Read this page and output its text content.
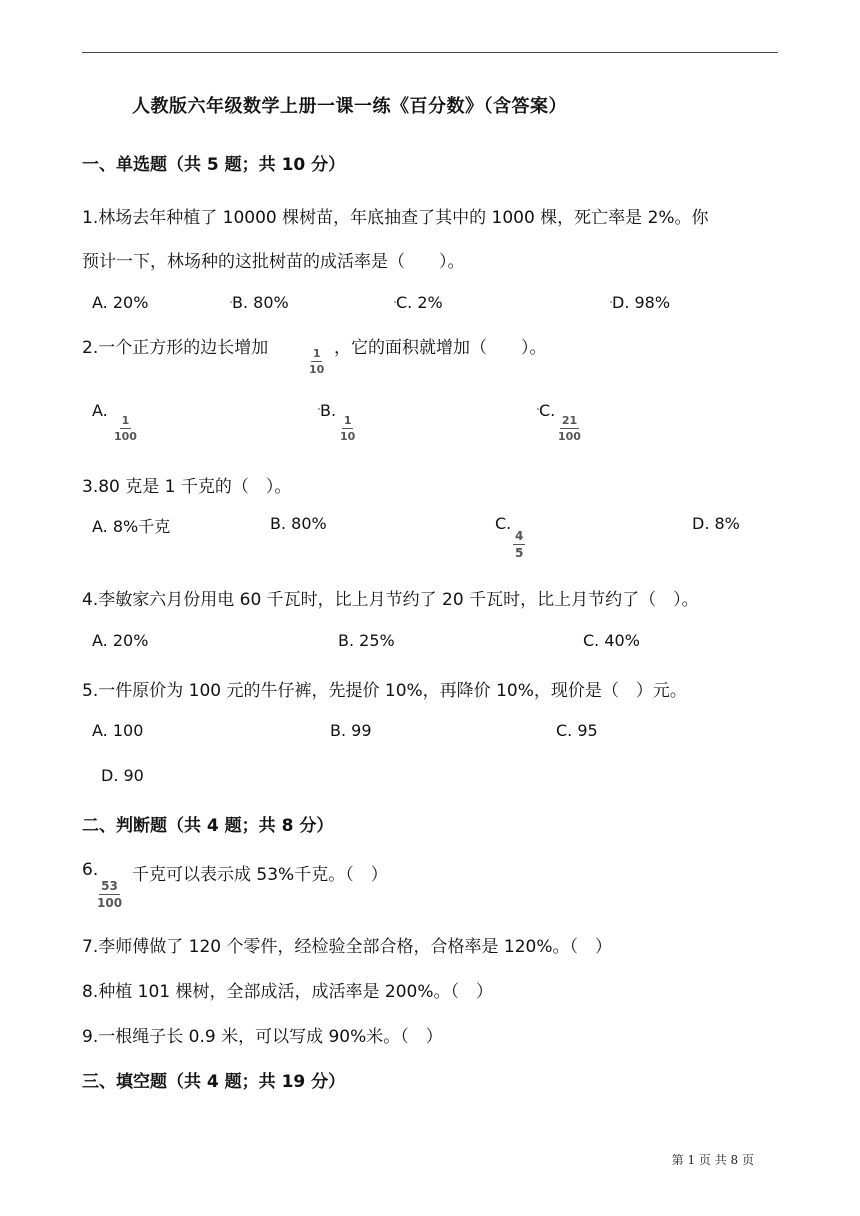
人教版六年级数学上册一课一练《百分数》（含答案）
一、单选题（共 5 题；共 10 分）
1.林场去年种植了 10000 棵树苗，年底抽查了其中的 1000 棵，死亡率是 2%。你
预计一下，林场种的这批树苗的成活率是（　　）。
A. 20%	B. 80%	C. 2%	D. 98%
2.一个正方形的边长增加	$\frac{1}{10}$ ，它的面积就增加（　　）。
A.
$\frac{1}{100}$
B.
$\frac{1}{10}$
C.
$\frac{21}{100}$
3.80 克是 1 千克的（　）。
A. 8%千克	B. 80%	C.
$\frac{4}{5}$
D. 8%
4.李敏家六月份用电 60 千瓦时，比上月节约了 20 千瓦时，比上月节约了（　）。
A. 20%	B. 25%	C. 40%
5.一件原价为 100 元的牛仔裤，先提价 10%，再降价 10%，现价是（　）元。
A. 100	B. 99	C. 95
D. 90
二、判断题（共 4 题；共 8 分）
6.
$\frac{53}{100}$
千克可以表示成 53%千克。（　）
7.李师傅做了 120 个零件，经检验全部合格，合格率是 120%。（　）
8.种植 101 棵树，全部成活，成活率是 200%。（　）
9.一根绳子长 0.9 米，可以写成 90%米。（　）
三、填空题（共 4 题；共 19 分）
第 1 页 共 8 页
